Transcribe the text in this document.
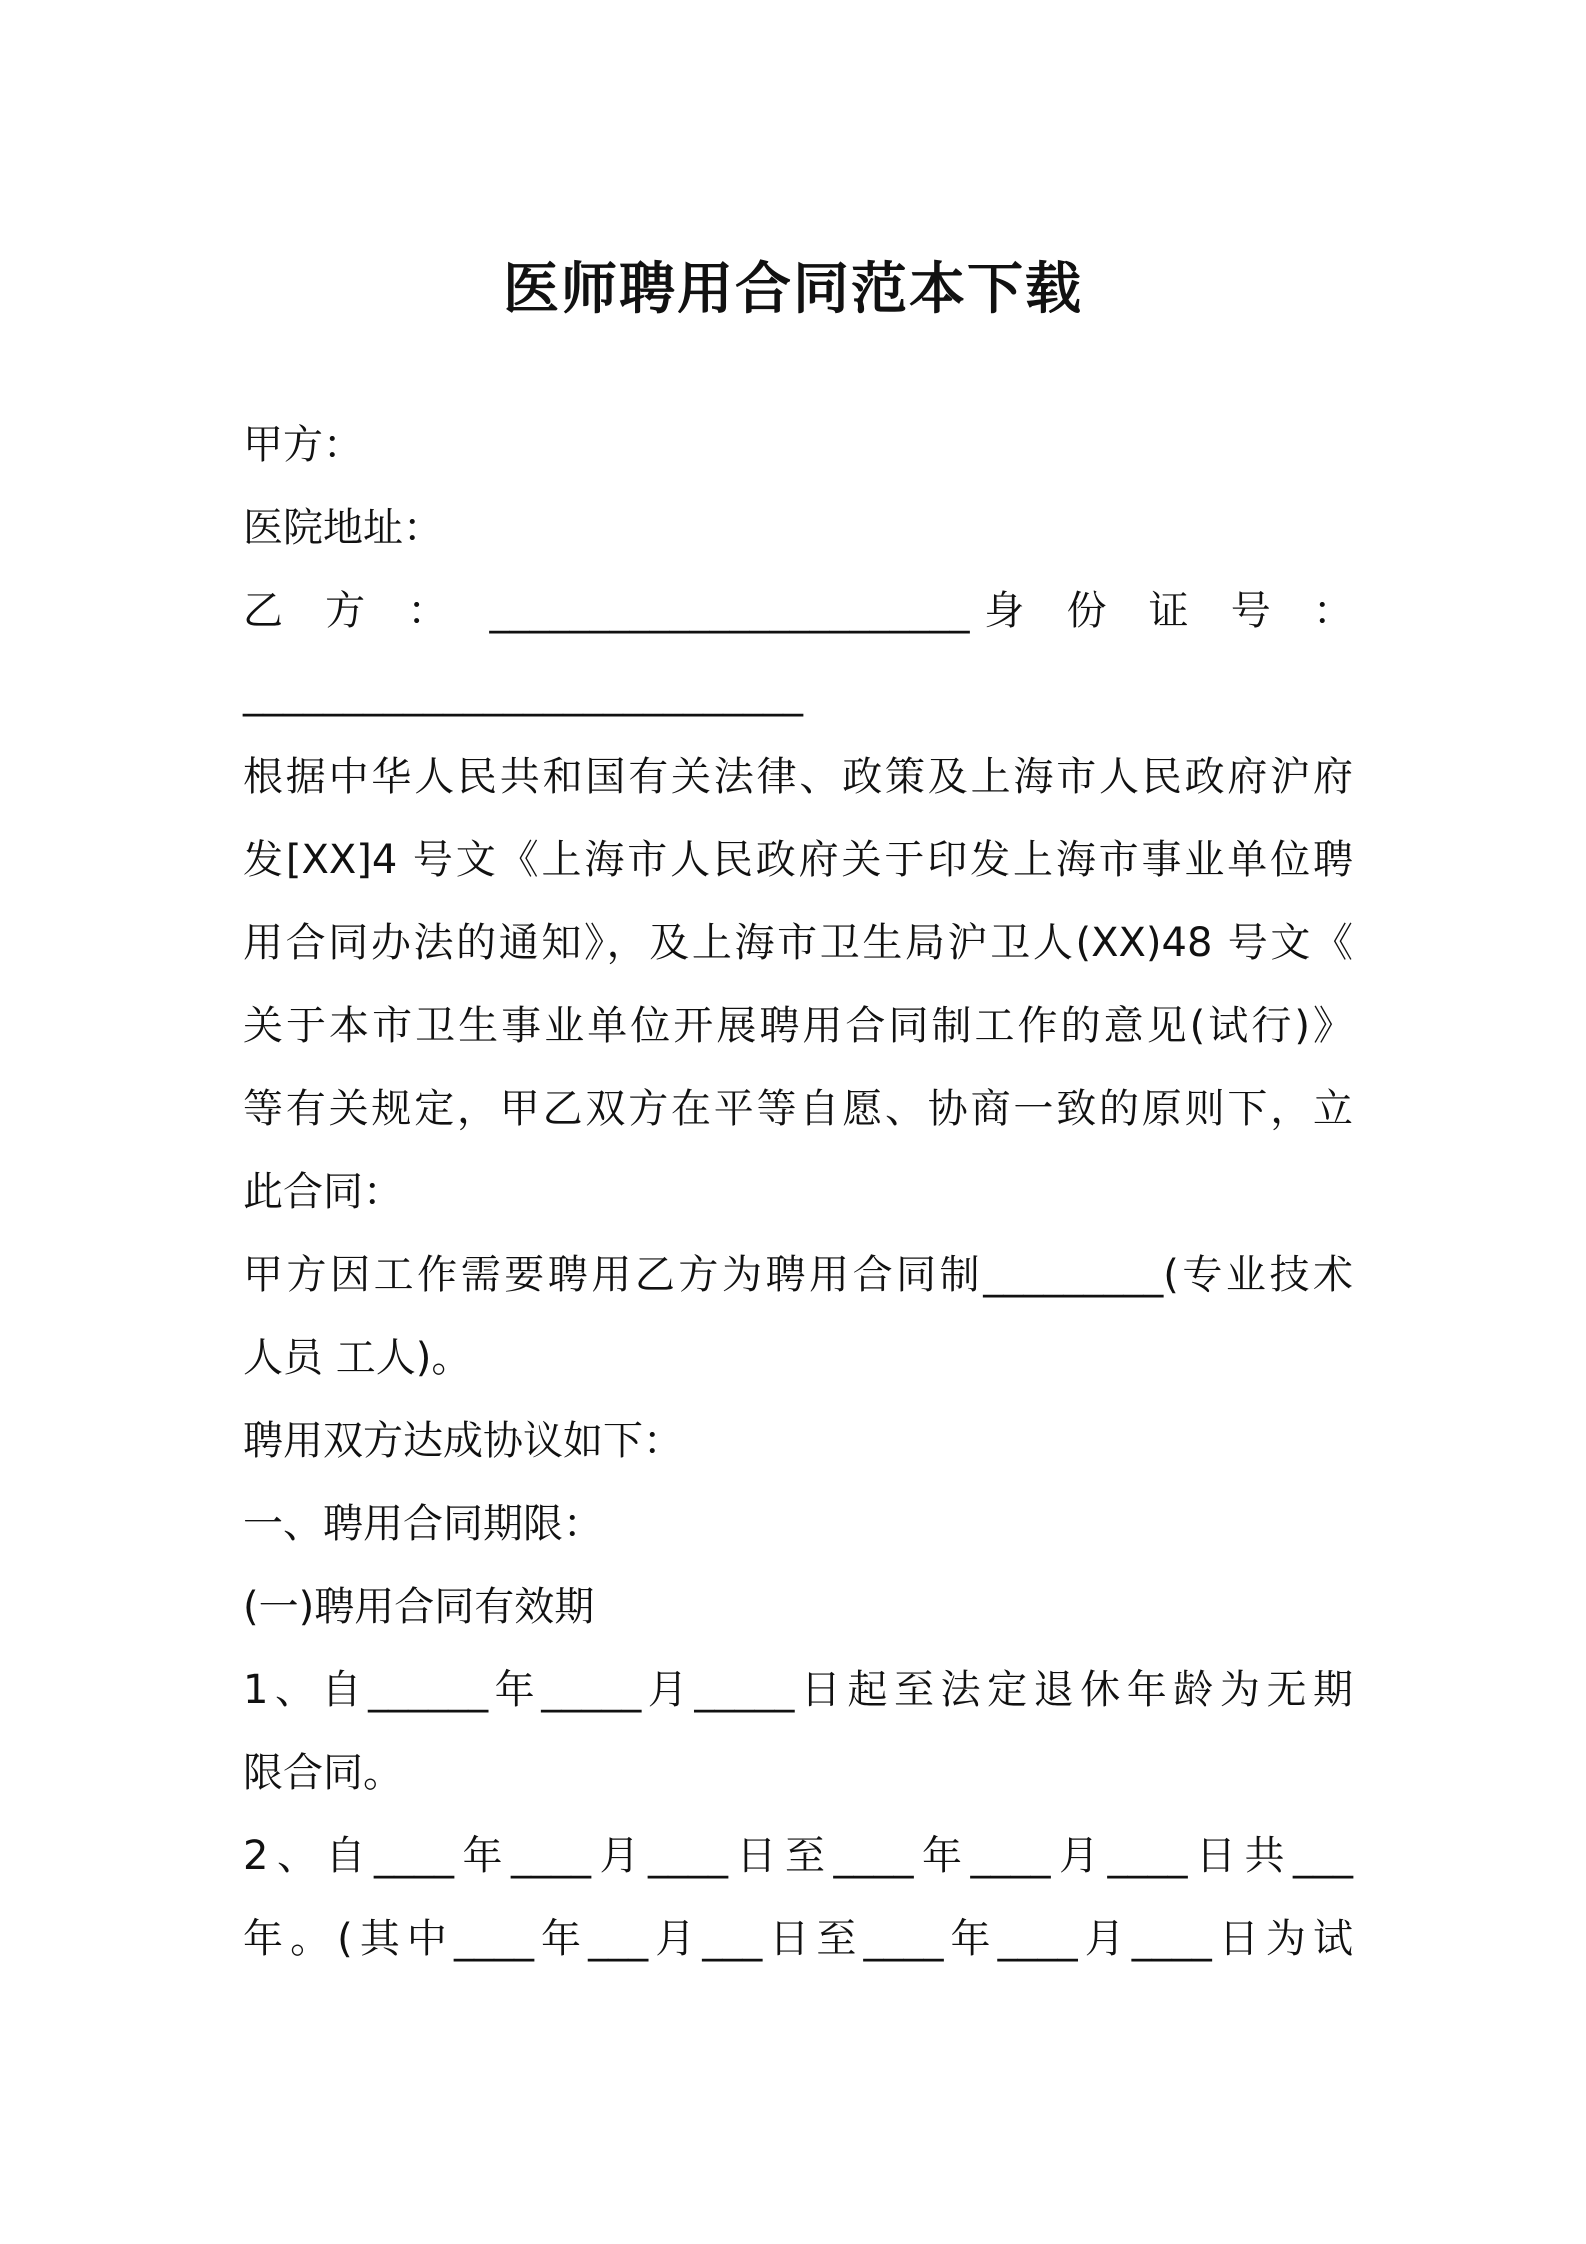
医师聘用合同范本下载
甲方：
医院地址：
乙 方 ： ________________________身 份 证 号 ：
____________________________
根据中华人民共和国有关法律、政策及上海市人民政府沪府
发[XX]4 号文《上海市人民政府关于印发上海市事业单位聘
用合同办法的通知》，及上海市卫生局沪卫人(XX)48 号文《
关于本市卫生事业单位开展聘用合同制工作的意见(试行)》
等有关规定，甲乙双方在平等自愿、协商一致的原则下，立
此合同：
甲方因工作需要聘用乙方为聘用合同制_________(专业技术
人员 工人)。
聘用双方达成协议如下：
一、聘用合同期限：
(一)聘用合同有效期
1、自______年_____月_____日起至法定退休年龄为无期
限合同。
2、自____年____月____日至____年____月____日共___
年。(其中____年___月___日至____年____月____日为试
